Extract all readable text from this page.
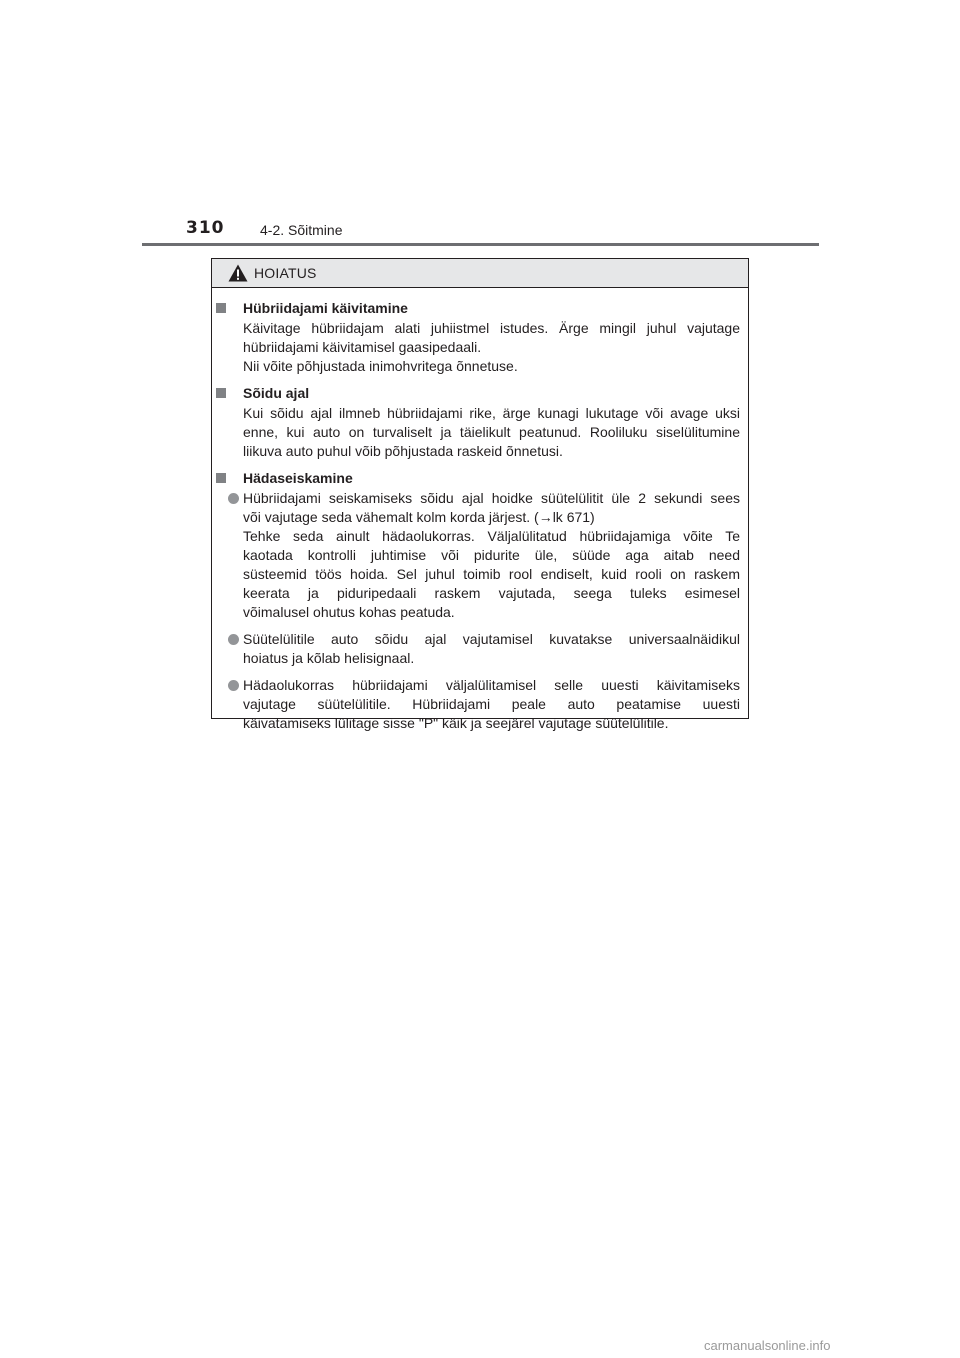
310	4-2. Sõitmine
HOIATUS
Hübriidajami käivitamine
Käivitage hübriidajam alati juhiistmel istudes. Ärge mingil juhul vajutage
hübriidajami käivitamisel gaasipedaali.
Nii võite põhjustada inimohvritega õnnetuse.
Sõidu ajal
Kui sõidu ajal ilmneb hübriidajami rike, ärge kunagi lukutage või avage uksi
enne, kui auto on turvaliselt ja täielikult peatunud. Rooliluku siselülitumine
liikuva auto puhul võib põhjustada raskeid õnnetusi.
Hädaseiskamine
Hübriidajami seiskamiseks sõidu ajal hoidke süütelülitit üle 2 sekundi sees
või vajutage seda vähemalt kolm korda järjest. (→lk 671)
Tehke seda ainult hädaolukorras. Väljalülitatud hübriidajamiga võite Te
kaotada kontrolli juhtimise või pidurite üle, süüde aga aitab need
süsteemid töös hoida. Sel juhul toimib rool endiselt, kuid rooli on raskem
keerata ja piduripedaali raskem vajutada, seega tuleks esimesel
võimalusel ohutus kohas peatuda.
Süütelülitile auto sõidu ajal vajutamisel kuvatakse universaalnäidikul
hoiatus ja kõlab helisignaal.
Hädaolukorras hübriidajami väljalülitamisel selle uuesti käivitamiseks
vajutage süütelülitile. Hübriidajami peale auto peatamise uuesti
käivatamiseks lülitage sisse "P" käik ja seejärel vajutage süütelülitile.
carmanualsonline.info
